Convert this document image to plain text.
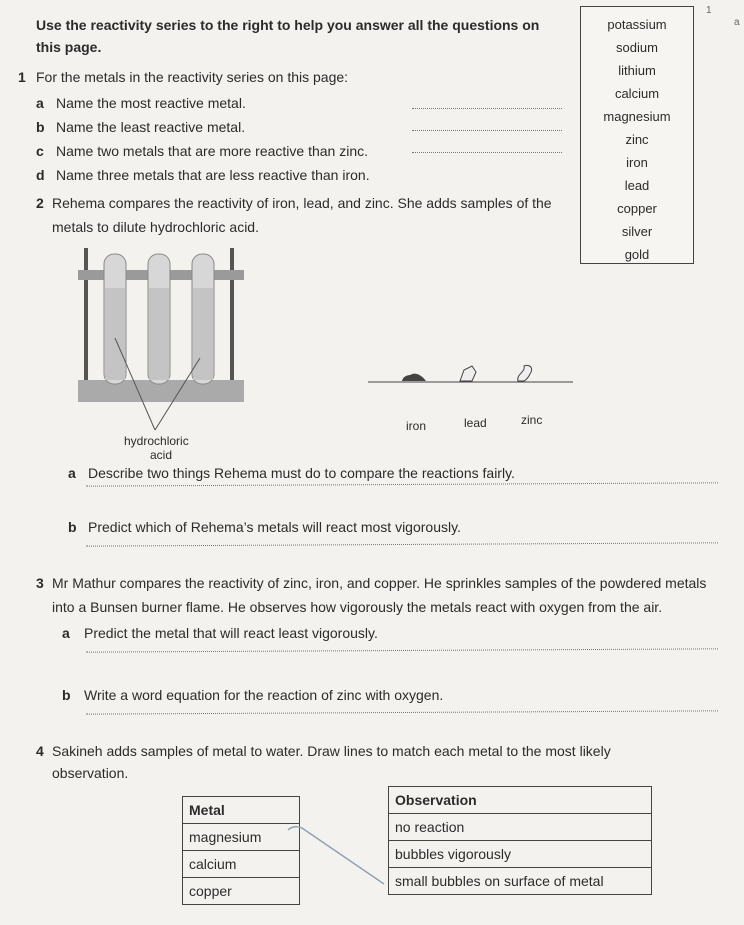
1
a
Use the reactivity series to the right to help you answer all the questions on
this page.
potassium
sodium
lithium
calcium
magnesium
zinc
iron
lead
copper
silver
gold
1 For the metals in the reactivity series on this page:
a Name the most reactive metal.
b Name the least reactive metal.
c Name two metals that are more reactive than zinc.
d Name three metals that are less reactive than iron.
2 Rehema compares the reactivity of iron, lead, and zinc. She adds samples of the
metals to dilute hydrochloric acid.
hydrochloric
acid
iron	lead	zinc
a Describe two things Rehema must do to compare the reactions fairly.
b Predict which of Rehema’s metals will react most vigorously.
3 Mr Mathur compares the reactivity of zinc, iron, and copper. He sprinkles samples of the powdered metals
into a Bunsen burner flame. He observes how vigorously the metals react with oxygen from the air.
a Predict the metal that will react least vigorously.
b Write a word equation for the reaction of zinc with oxygen.
4 Sakineh adds samples of metal to water. Draw lines to match each metal to the most likely
observation.
Metal
magnesium
calcium
copper
Observation
no reaction
bubbles vigorously
small bubbles on surface of metal
